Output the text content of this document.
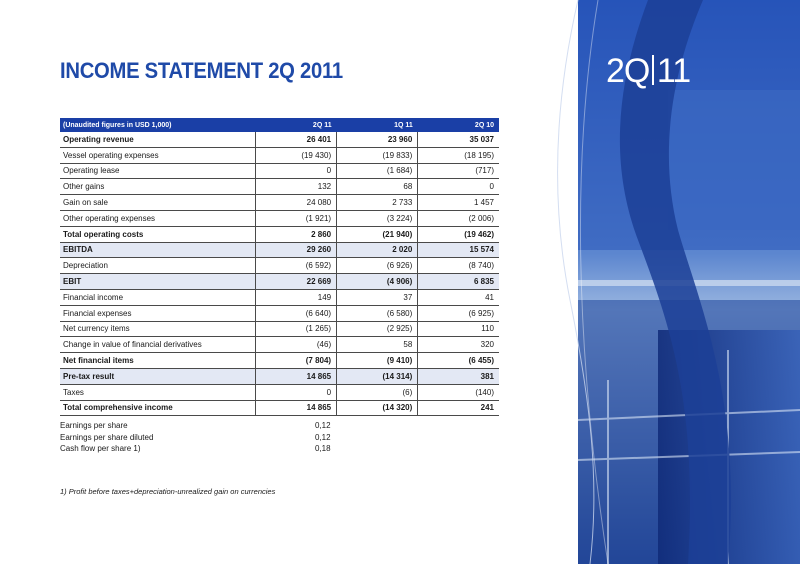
2Q 11
INCOME STATEMENT 2Q 2011
(Unaudited figures in USD 1,000)	2Q 11	1Q 11	2Q 10
Operating revenue	26 401	23 960	35 037
Vessel operating expenses	(19 430)	(19 833)	(18 195)
Operating lease	0	(1 684)	(717)
Other gains	132	68	0
Gain on sale	24 080	2 733	1 457
Other operating expenses	(1 921)	(3 224)	(2 006)
Total operating costs	2 860	(21 940)	(19 462)
EBITDA	29 260	2 020	15 574
Depreciation	(6 592)	(6 926)	(8 740)
EBIT	22 669	(4 906)	6 835
Financial income	149	37	41
Financial expenses	(6 640)	(6 580)	(6 925)
Net currency items	(1 265)	(2 925)	110
Change in value of financial derivatives	(46)	58	320
Net financial items	(7 804)	(9 410)	(6 455)
Pre-tax result	14 865	(14 314)	381
Taxes	0	(6)	(140)
Total comprehensive income	14 865	(14 320)	241
Earnings per share	0,12
Earnings per share diluted	0,12
Cash flow per share 1)	0,18
1) Profit before taxes+depreciation-unrealized gain on currencies
